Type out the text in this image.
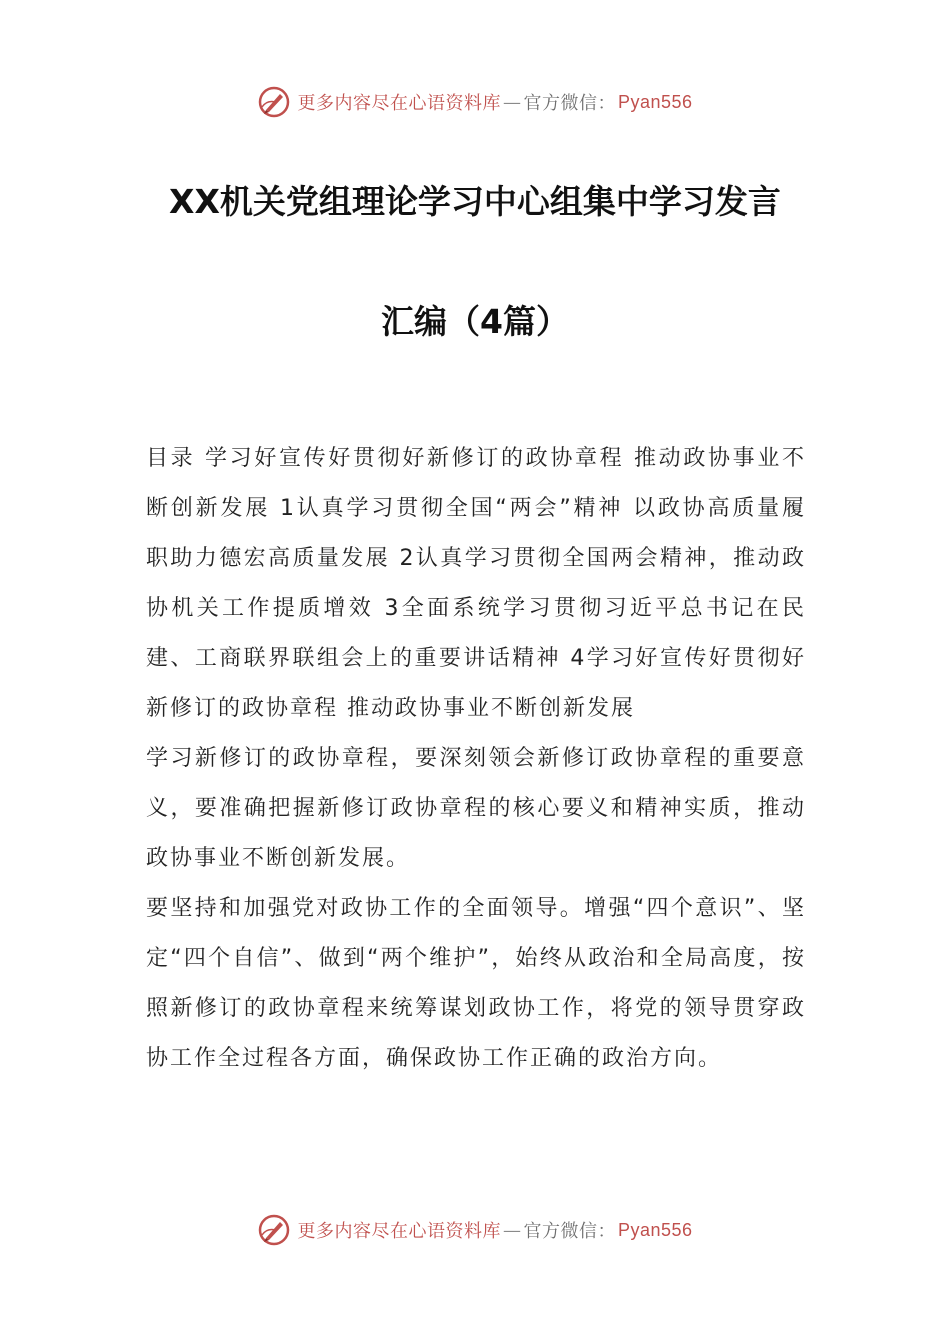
更多内容尽在心语资料库 — 官方微信： Pyan556
XX机关党组理论学习中心组集中学习发言
汇编（4篇）

目录 学习好宣传好贯彻好新修订的政协章程 推动政协事业不断创新发展 1认真学习贯彻全国“两会”精神 以政协高质量履职助力德宏高质量发展 2认真学习贯彻全国两会精神，推动政协机关工作提质增效 3全面系统学习贯彻习近平总书记在民建、工商联界联组会上的重要讲话精神 4学习好宣传好贯彻好新修订的政协章程 推动政协事业不断创新发展

学习新修订的政协章程，要深刻领会新修订政协章程的重要意义，要准确把握新修订政协章程的核心要义和精神实质，推动政协事业不断创新发展。

要坚持和加强党对政协工作的全面领导。增强“四个意识”、坚定“四个自信”、做到“两个维护”，始终从政治和全局高度，按照新修订的政协章程来统筹谋划政协工作，将党的领导贯穿政协工作全过程各方面，确保政协工作正确的政治方向。

更多内容尽在心语资料库 — 官方微信： Pyan556
